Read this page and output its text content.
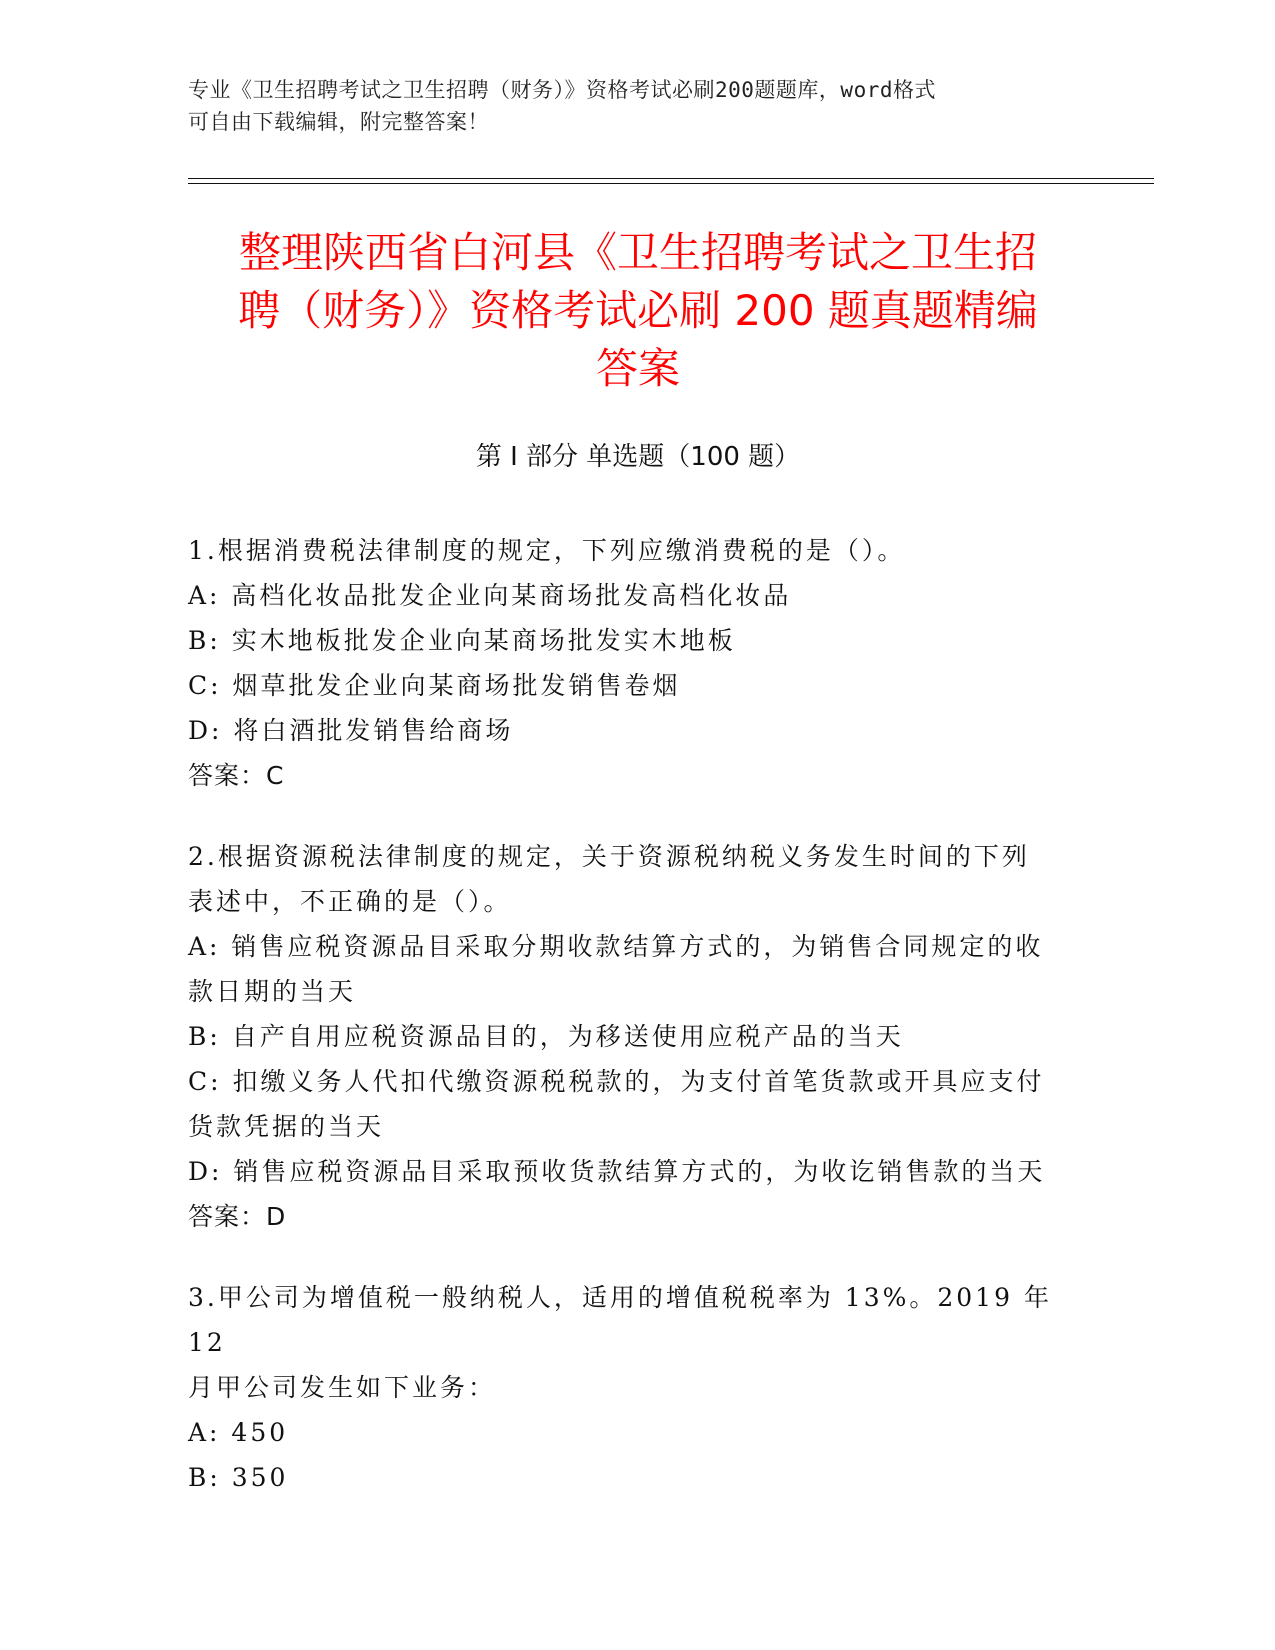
专业《卫生招聘考试之卫生招聘（财务）》资格考试必刷200题题库，word格式
可自由下载编辑，附完整答案！
整理陕西省白河县《卫生招聘考试之卫生招
聘（财务）》资格考试必刷 200 题真题精编
答案
第 I 部分 单选题（100 题）
1.根据消费税法律制度的规定，下列应缴消费税的是（）。
A: 高档化妆品批发企业向某商场批发高档化妆品
B: 实木地板批发企业向某商场批发实木地板
C: 烟草批发企业向某商场批发销售卷烟
D: 将白酒批发销售给商场
答案：C
2.根据资源税法律制度的规定，关于资源税纳税义务发生时间的下列
表述中，不正确的是（）。
A: 销售应税资源品目采取分期收款结算方式的，为销售合同规定的收
款日期的当天
B: 自产自用应税资源品目的，为移送使用应税产品的当天
C: 扣缴义务人代扣代缴资源税税款的，为支付首笔货款或开具应支付
货款凭据的当天
D: 销售应税资源品目采取预收货款结算方式的，为收讫销售款的当天
答案：D
3.甲公司为增值税一般纳税人，适用的增值税税率为 13%。2019 年 12
月甲公司发生如下业务：
A: 450
B: 350
